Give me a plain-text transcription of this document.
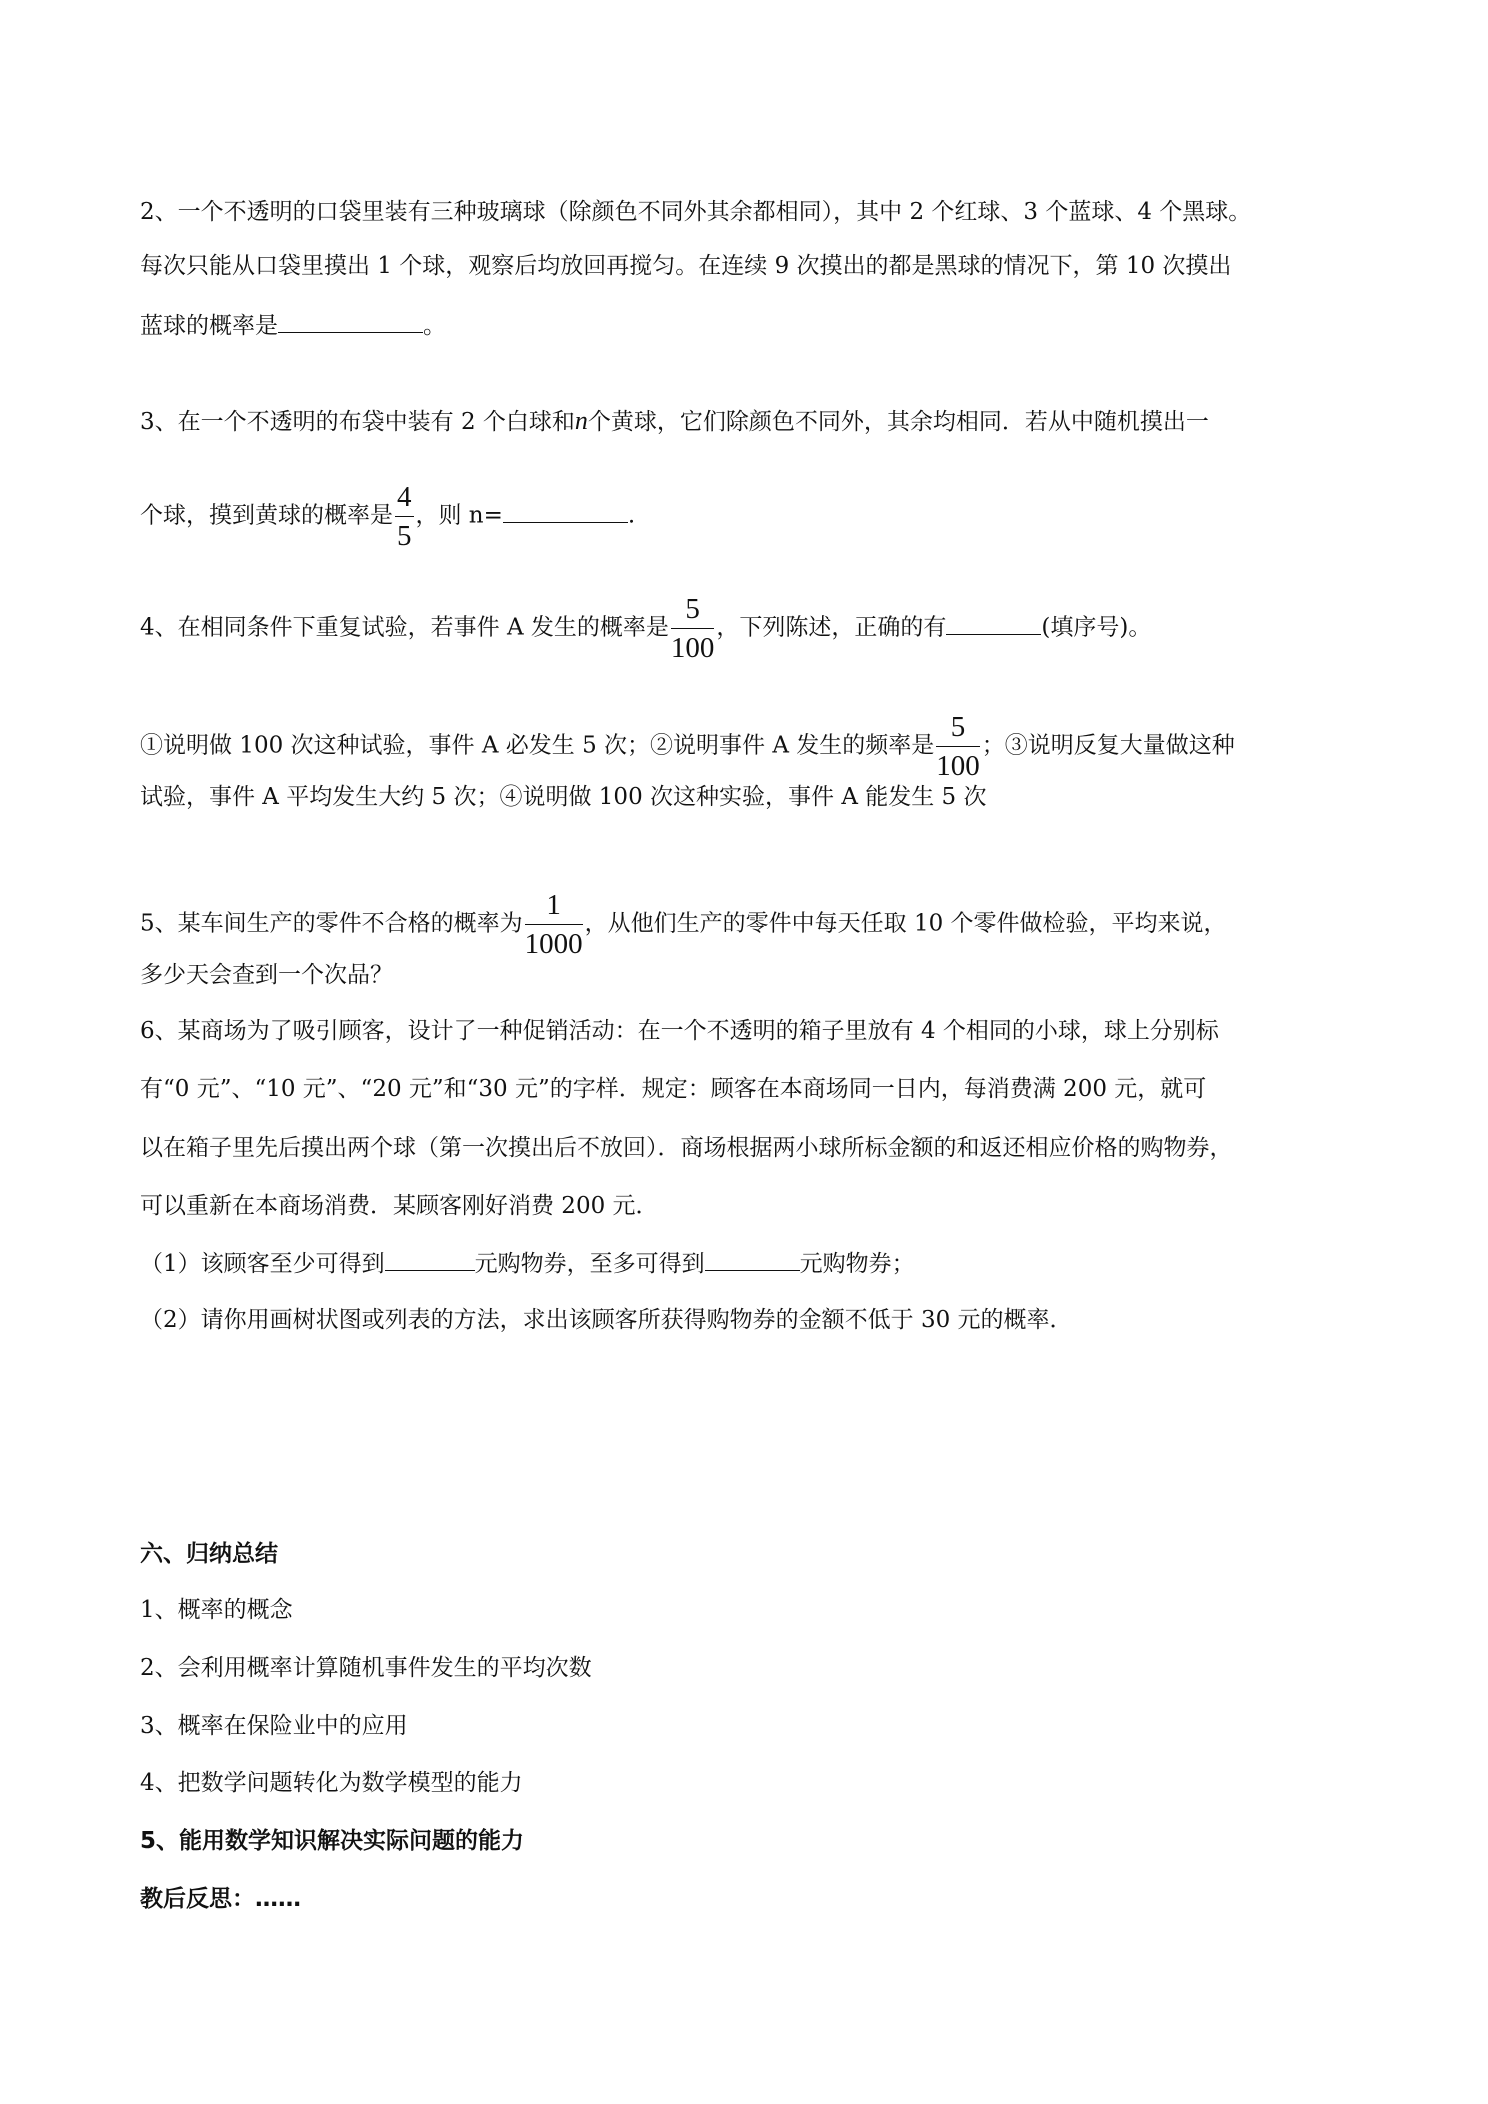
2、一个不透明的口袋里装有三种玻璃球（除颜色不同外其余都相同），其中 2 个红球、3 个蓝球、4 个黑球。
每次只能从口袋里摸出 1 个球，观察后均放回再搅匀。在连续 9 次摸出的都是黑球的情况下，第 10 次摸出
蓝球的概率是	。
3、在一个不透明的布袋中装有 2 个白球和n个黄球，它们除颜色不同外，其余均相同．若从中随机摸出一
个球，摸到黄球的概率是 $\frac{4}{5}$ ，则 n=	.
4、在相同条件下重复试验，若事件 A 发生的概率是 $\frac{5}{100}$ ，下列陈述，正确的有	(填序号)。
①说明做 100 次这种试验，事件 A 必发生 5 次；②说明事件 A 发生的频率是 $\frac{5}{100}$ ；③说明反复大量做这种
试验，事件 A 平均发生大约 5 次；④说明做 100 次这种实验，事件 A 能发生 5 次
5、某车间生产的零件不合格的概率为 $\frac{1}{1000}$ ，从他们生产的零件中每天任取 10 个零件做检验，平均来说，
多少天会查到一个次品？
6、某商场为了吸引顾客，设计了一种促销活动：在一个不透明的箱子里放有 4 个相同的小球，球上分别标
有“0 元”、“10 元”、“20 元”和“30 元”的字样．规定：顾客在本商场同一日内，每消费满 200 元，就可
以在箱子里先后摸出两个球（第一次摸出后不放回）．商场根据两小球所标金额的和返还相应价格的购物券，
可以重新在本商场消费．某顾客刚好消费 200 元．
（1）该顾客至少可得到	元购物券，至多可得到	元购物券；
（2）请你用画树状图或列表的方法，求出该顾客所获得购物券的金额不低于 30 元的概率．
六、归纳总结
1、概率的概念
2、会利用概率计算随机事件发生的平均次数
3、概率在保险业中的应用
4、把数学问题转化为数学模型的能力
5、能用数学知识解决实际问题的能力
教后反思：……
